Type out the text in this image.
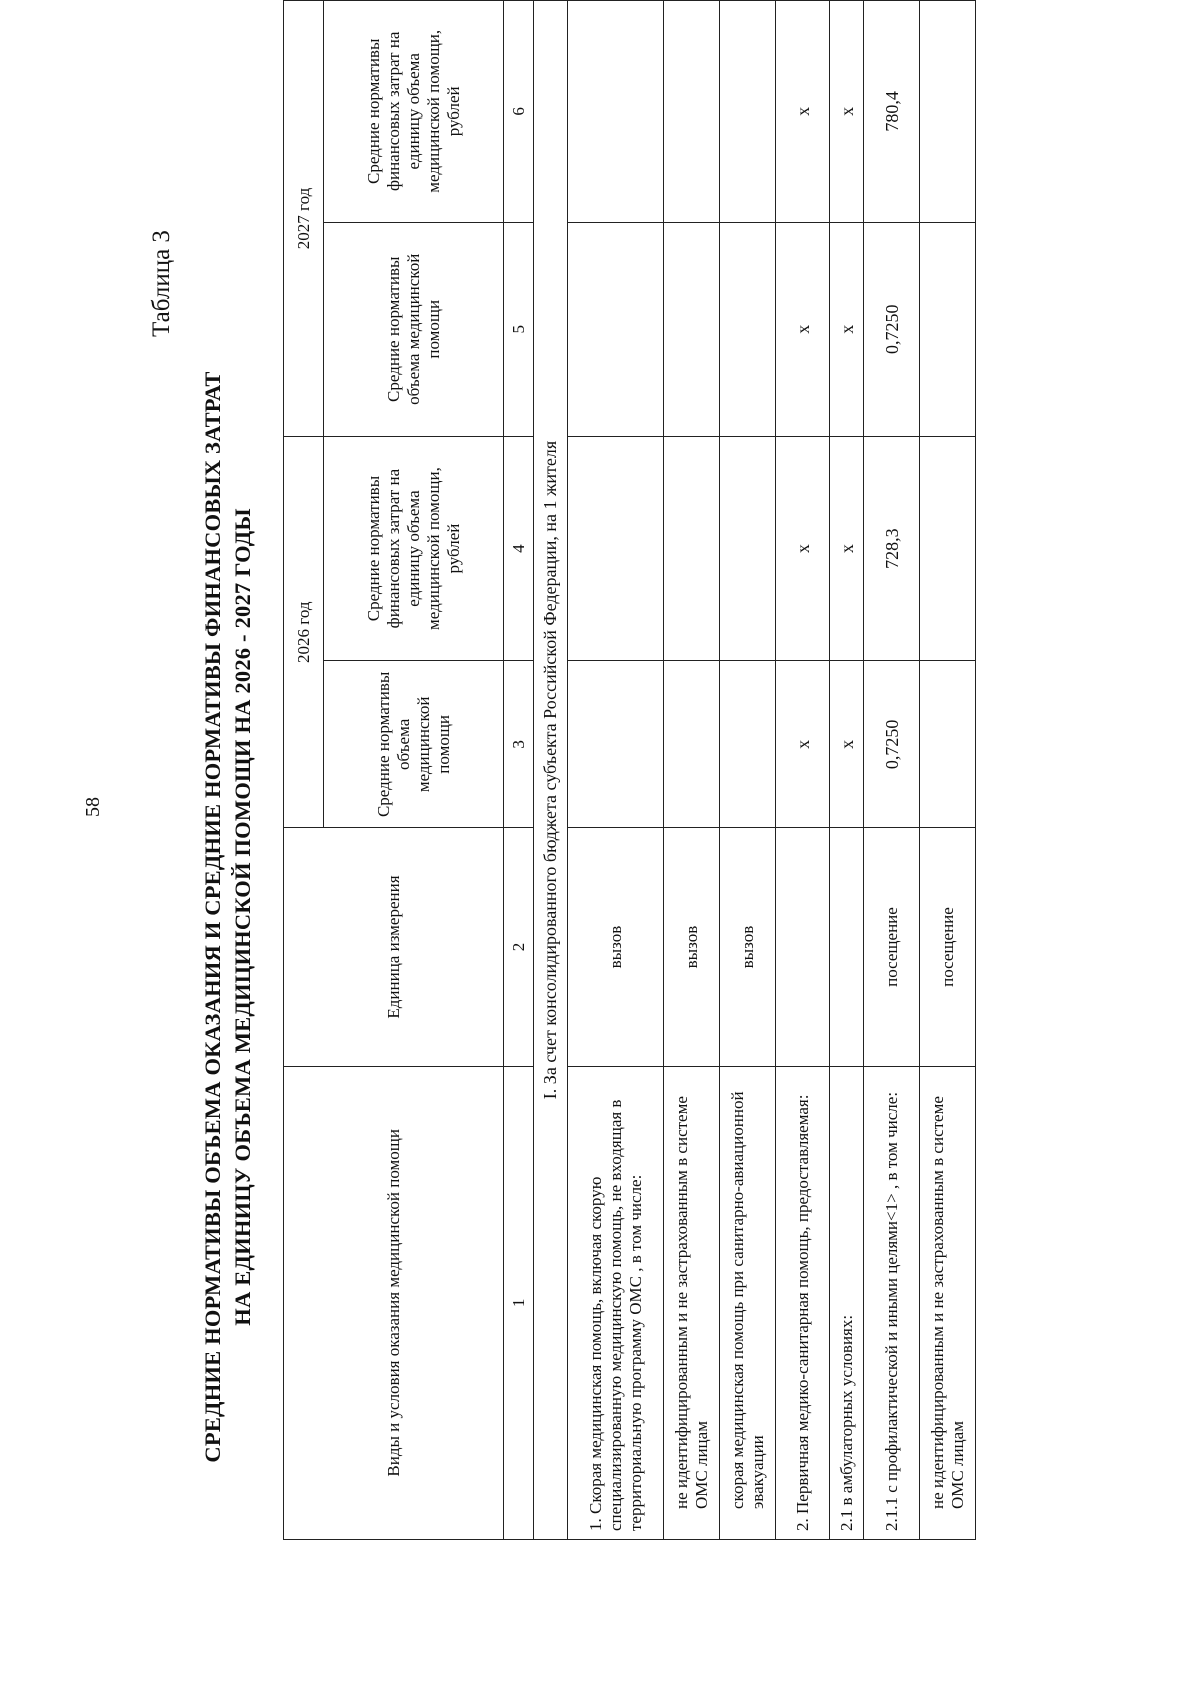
58
Таблица 3
СРЕДНИЕ НОРМАТИВЫ ОБЪЕМА ОКАЗАНИЯ И СРЕДНИЕ НОРМАТИВЫ ФИНАНСОВЫХ ЗАТРАТ НА ЕДИНИЦУ ОБЪЕМА МЕДИЦИНСКОЙ ПОМОЩИ НА 2026 - 2027 ГОДЫ	Виды и условия оказания медицинской помощи	Единица измерения	2026 год		2027 год	
		Средние нормативы объема медицинской помощи	Средние нормативы финансовых затрат на единицу объема медицинской помощи, рублей	Средние нормативы объема медицинской помощи	Средние нормативы финансовых затрат на единицу объема медицинской помощи, рублей
1	2	3	4	5	6
I. За счет консолидированного бюджета субъекта Российской Федерации, на 1 жителя					
1. Скорая медицинская помощь, включая скорую специализированную медицинскую помощь, не входящая в территориальную программу ОМС , в том числе:	вызов				
не идентифицированным и не застрахованным в системе ОМС лицам	вызов				
скорая медицинская помощь при санитарно-авиационной эвакуации	вызов				
2. Первичная медико-санитарная помощь, предоставляемая:		х	х	х	х
2.1 в амбулаторных условиях:		х	х	х	х
2.1.1 с профилактической и иными целями<1> , в том числе:	посещение	0,7250	728,3	0,7250	780,4
не идентифицированным и не застрахованным в системе ОМС лицам	посещение				
